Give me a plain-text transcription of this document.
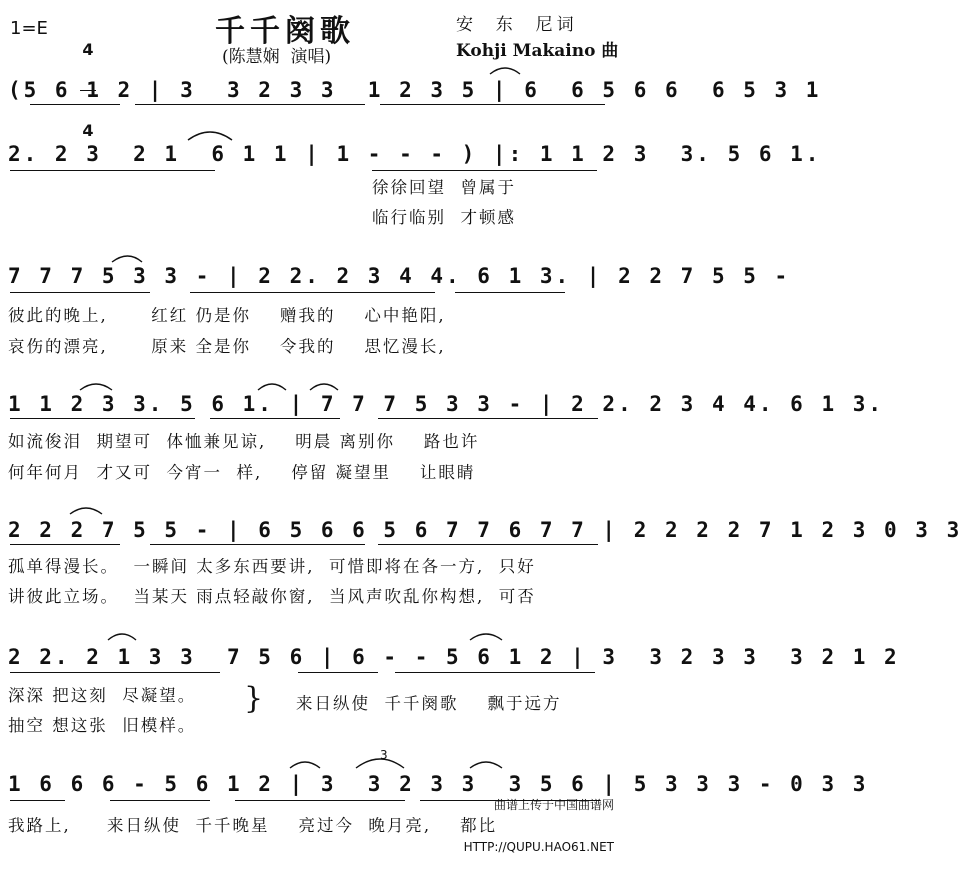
1=E

4

4

千千阕歌
(陈慧娴  演唱)
安  东  尼词
Kohji Makaino 曲
(5 6 1 2 | 3  3 2 3 3  1 2 3 5 | 6  6 5 6 6  6 5 3 1
2. 2 3  2 1  6 1 1 | 1 - - - ) |: 1 1 2 3  3. 5 6 1.
徐徐回望  曾属于
临行临别  才顿感
7 7 7 5 3 3 - | 2 2. 2 3 4 4. 6 1 3. | 2 2 7 5 5 -
彼此的晚上,      红红 仍是你    赠我的    心中艳阳,
哀伤的漂亮,      原来 全是你    令我的    思忆漫长,
1 1 2 3 3. 5 6 1. | 7 7 7 5 3 3 - | 2 2. 2 3 4 4. 6 1 3.
如流俊泪  期望可  体恤兼见谅,    明晨 离别你    路也许
何年何月  才又可  今宵一  样,    停留 凝望里    让眼睛
2 2 2 7 5 5 - | 6 5 6 6 5 6 7 7 6 7 7 | 2 2 2 2 7 1 2 3 0 3 3
孤单得漫长。  一瞬间 太多东西要讲,  可惜即将在各一方,  只好
讲彼此立场。  当某天 雨点轻敲你窗,  当风声吹乱你构想,  可否
2 2. 2 1 3 3  7 5 6 | 6 - - 5 6 1 2 | 3  3 2 3 3  3 2 1 2
深深 把这刻  尽凝望。
抽空 想这张  旧模样。
} 来日纵使  千千阕歌    飘于远方
3
1 6 6 6 - 5 6 1 2 | 3  3 2 3 3  3 5 6 | 5 3 3 3 - 0 3 3
我路上,     来日纵使  千千晚星    亮过今  晚月亮,    都比

曲谱上传于中国曲谱网

HTTP://QUPU.HAO61.NET
